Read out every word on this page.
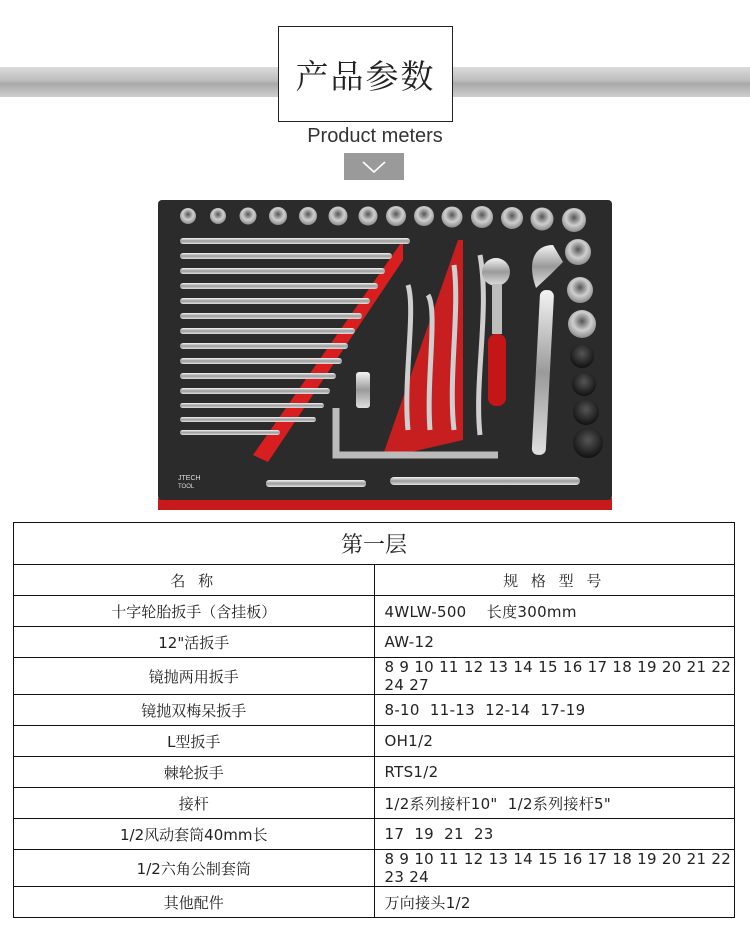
产品参数
Product meters
JTECH
TOOL
第一层	
名 称	规 格 型 号
十字轮胎扳手（含挂板）	4WLW-500    长度300mm
12"活扳手	AW-12
镜抛两用扳手	8 9 10 11 12 13 14 15 16 17 18 19 20 21 22 24 27
镜抛双梅呆扳手	8-10  11-13  12-14  17-19
L型扳手	OH1/2
棘轮扳手	RTS1/2
接杆	1/2系列接杆10"  1/2系列接杆5"
1/2风动套筒40mm长	17  19  21  23
1/2六角公制套筒	8 9 10 11 12 13 14 15 16 17 18 19 20 21 22 23 24
其他配件	万向接头1/2
